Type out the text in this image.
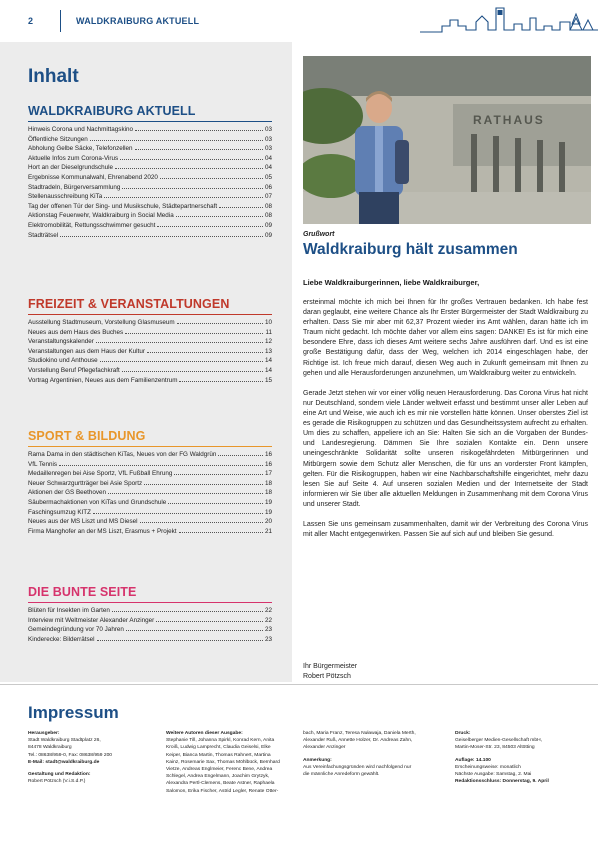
2	WALDKRAIBURG AKTUELL
Inhalt
WALDKRAIBURG AKTUELL
Hinweis Corona und Nachmittagskino	03
Öffentliche Sitzungen	03
Abholung Gelbe Säcke, Telefonzellen	03
Aktuelle Infos zum Corona-Virus	04
Hort an der Dieselgrundschule	04
Ergebnisse Kommunalwahl, Ehrenabend 2020	05
Stadtradeln, Bürgerversammlung	06
Stellenausschreibung KiTa	07
Tag der offenen Tür der Sing- und Musikschule, Städtepartnerschaft	08
Aktionstag Feuerwehr, Waldkraiburg in Social Media	08
Elektromobilität, Rettungsschwimmer gesucht	09
Stadträtsel	09
FREIZEIT & VERANSTALTUNGEN
Ausstellung Stadtmuseum, Vorstellung Glasmuseum	10
Neues aus dem Haus des Buches	11
Veranstaltungskalender	12
Veranstaltungen aus dem Haus der Kultur	13
Studiokino und Anthouse	14
Vorstellung Beruf Pflegefachkraft	14
Vortrag Argentinien, Neues aus dem Familienzentrum	15
SPORT & BILDUNG
Rama Dama in den städtischen KiTas, Neues von der FG Waldgrün	16
VfL Tennis	16
Medaillenregen bei Aise Sportz, VfL Fußball Ehrung	17
Neuer Schwarzgurtträger bei Asie Sportz	18
Aktionen der GS Beethoven	18
Säubermachaktionen von KiTas und Grundschule	19
Faschingsumzug KITZ	19
Neues aus der MS Liszt und MS Diesel	20
Firma Manghofer an der MS Liszt, Erasmus + Projekt	21
DIE BUNTE SEITE
Blüten für Insekten im Garten	22
Interview mit Weltmeister Alexander Anzinger	22
Gemeindegründung vor 70 Jahren	23
Kinderecke: Bilderrätsel	23
RATHAUS
Grußwort
Waldkraiburg hält zusammen
Liebe Waldkraiburgerinnen, liebe Waldkraiburger,

ersteinmal möchte ich mich bei Ihnen für Ihr großes Vertrauen bedanken. Ich habe fest daran geglaubt, eine weitere Chance als Ihr Erster Bürgermeister der Stadt Waldkraiburg zu erhalten. Dass Sie mir aber mit 62,37 Prozent wieder ins Amt wählen, daran hätte ich im Traum nicht gedacht. Ich möchte daher vor allem eins sagen: DANKE! Es ist für mich eine besondere Ehre, dass ich dieses Amt weitere sechs Jahre ausführen darf. Und es ist eine große Bestätigung dafür, dass der Weg, welchen ich 2014 eingeschlagen habe, der Richtige ist. Ich freue mich darauf, diesen Weg auch in Zukunft gemeinsam mit Ihnen zu gehen und alle Herausforderungen anzunehmen, um Waldkraiburg weiter zu entwickeln.

Gerade Jetzt stehen wir vor einer völlig neuen Herausforderung. Das Corona Virus hat nicht nur Deutschland, sondern viele Länder weltweit erfasst und bestimmt unser aller Leben auf eine Art und Weise, wie auch ich es mir nie vorstellen hätte können. Unser oberstes Ziel ist es gerade die Risikogruppen zu schützen und das Gesundheitssystem aufrecht zu erhalten. Um dies zu schaffen, appeliere ich an Sie: Halten Sie sich an die Vorgaben der Bundes- und Landesregierung. Dämmen Sie Ihre sozialen Kontakte ein. Denn unsere uneingeschränkte Solidarität sollte unseren risikogefährdeten Mitbürgerinnen und Mitbürgern sowie dem Schutz aller Menschen, die für uns an vorderster Front kämpfen, gelten. Für die Risikogruppen, haben wir eine Nachbarschaftshilfe eingerichtet, mehr dazu lesen Sie auf Seite 4. Auf unseren sozialen Medien und der Internetseite der Stadt informieren wir Sie über alle aktuellen Meldungen in Zusammenhang mit dem Corona Virus und unserer Stadt.

Lassen Sie uns gemeinsam zusammenhalten, damit wir der Verbreitung des Corona Virus mit aller Macht entgegenwirken. Passen Sie auf sich auf und bleiben Sie gesund.

Ihr Bürgermeister
Robert Pötzsch
Impressum
Herausgeber:
Stadt Waldkraiburg Stadtplatz 26,
84478 Waldkraiburg
Tel.: 08638/959-0, Fax: 08638/959 200
E-Mail: stadt@waldkraiburg.de
Gestaltung und Redaktion:
Robert Pötzsch (V.i.S.d.P.)
Weitere Autoren dieser Ausgabe:
Stephanie Till, Johanna Spirkl, Konrad Kern, Anita
Kroiß, Ludwig Lamprecht, Claudia Geiselsi, Elke
Keiper, Bianca Martin, Thomas Rahnert, Martina
Kainz, Rosemarie Sax, Thomas Möhlbück, Bernhard
Vietze, Andreas Englmeier, Ferenc Bene, Andrea
Schlegel, Andrea Engelmann, Joachim Grytzyk,
Alexandra Pertl-Clemens, Beate Astner, Raphaela
Salomon, Erika Fischer, Astrid Legler, Renate Otter-
bach, Maria Franz, Teresa Nuławaja, Daniela Merth,
Alexander Ruß, Annette Holzer, Dr. Andreas Zahn,
Alexander Anzinger
Anmerkung:
Aus Vereinfachungsgründen wird nachfolgend nur
die männliche Anredeform gewählt.
Druck:
Geiselberger Medien-Gesellschaft mbH,
Martin-Moser-Str. 23, 84503 Altötting
Auflage: 14.100
Erscheinungsweise: monatlich
Nächste Ausgabe: Samstag, 2. Mai
Redaktionsschluss: Donnerstag, 9. April
